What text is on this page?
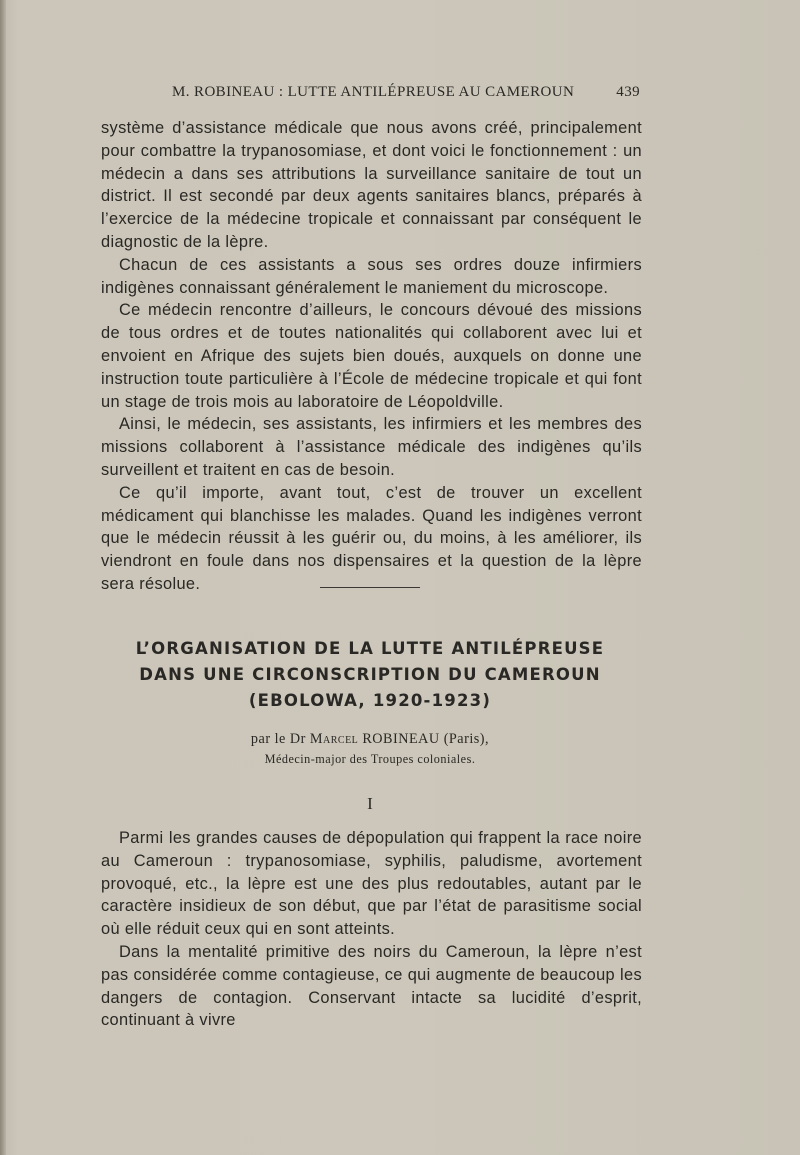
M. ROBINEAU : LUTTE ANTILÉPREUSE AU CAMEROUN	439

système d’assistance médicale que nous avons créé, principalement pour combattre la trypanosomiase, et dont voici le fonctionnement : un médecin a dans ses attributions la surveillance sanitaire de tout un district. Il est secondé par deux agents sanitaires blancs, préparés à l’exercice de la médecine tropicale et connaissant par conséquent le diagnostic de la lèpre.

Chacun de ces assistants a sous ses ordres douze infirmiers indigènes connaissant généralement le maniement du microscope.

Ce médecin rencontre d’ailleurs, le concours dévoué des missions de tous ordres et de toutes nationalités qui collaborent avec lui et envoient en Afrique des sujets bien doués, auxquels on donne une instruction toute particulière à l’École de médecine tropicale et qui font un stage de trois mois au laboratoire de Léopoldville.

Ainsi, le médecin, ses assistants, les infirmiers et les membres des missions collaborent à l’assistance médicale des indigènes qu’ils surveillent et traitent en cas de besoin.

Ce qu’il importe, avant tout, c’est de trouver un excellent médicament qui blanchisse les malades. Quand les indigènes verront que le médecin réussit à les guérir ou, du moins, à les améliorer, ils viendront en foule dans nos dispensaires et la question de la lèpre sera résolue.

L’ORGANISATION DE LA LUTTE ANTILÉPREUSE
DANS UNE CIRCONSCRIPTION DU CAMEROUN
(EBOLOWA, 1920-1923)
par le Dr Marcel ROBINEAU (Paris),
Médecin-major des Troupes coloniales.
I

Parmi les grandes causes de dépopulation qui frappent la race noire au Cameroun : trypanosomiase, syphilis, paludisme, avortement provoqué, etc., la lèpre est une des plus redoutables, autant par le caractère insidieux de son début, que par l’état de parasitisme social où elle réduit ceux qui en sont atteints.

Dans la mentalité primitive des noirs du Cameroun, la lèpre n’est pas considérée comme contagieuse, ce qui augmente de beaucoup les dangers de contagion. Conservant intacte sa lucidité d’esprit, continuant à vivre
